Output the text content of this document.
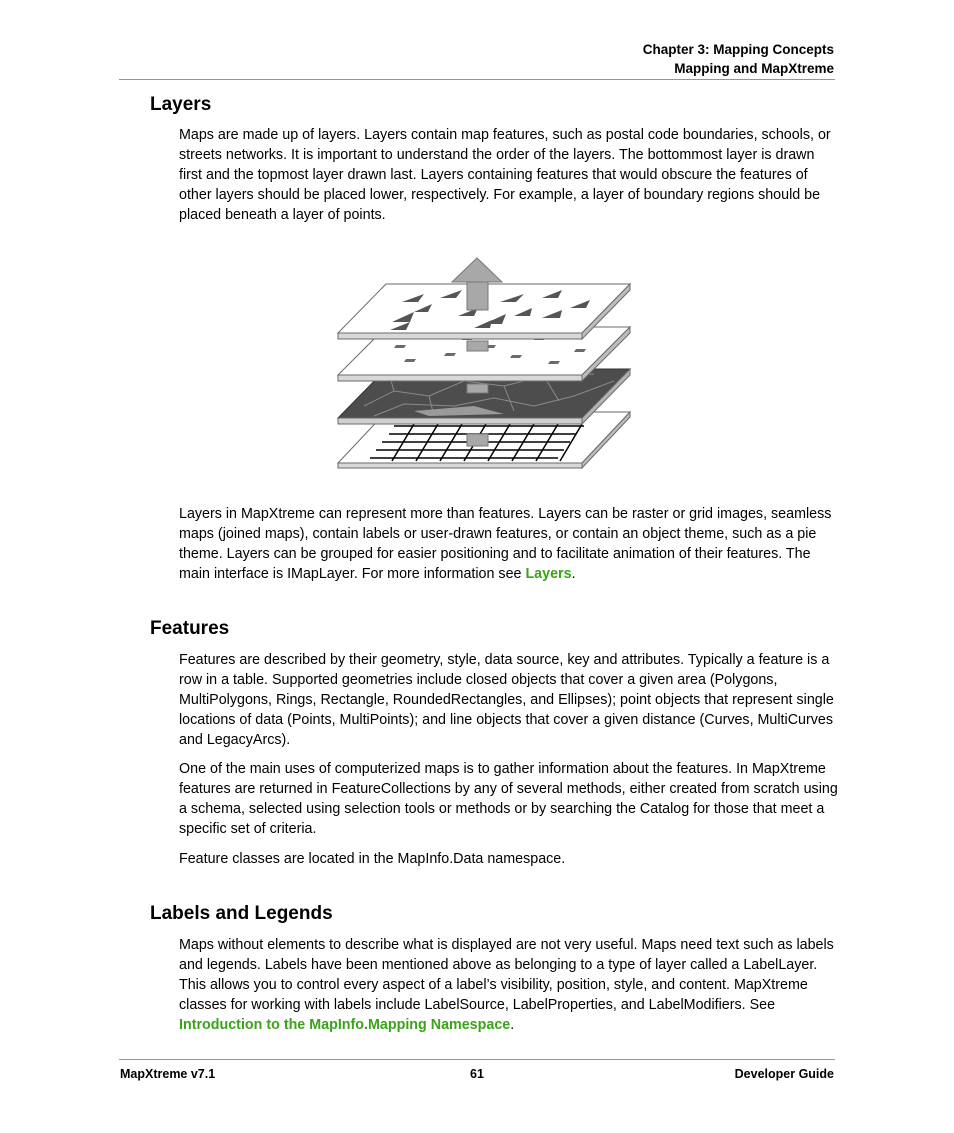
Chapter 3: Mapping Concepts
Mapping and MapXtreme
Layers

Maps are made up of layers. Layers contain map features, such as postal code boundaries, schools, or streets networks. It is important to understand the order of the layers. The bottommost layer is drawn first and the topmost layer drawn last. Layers containing features that would obscure the features of other layers should be placed lower, respectively. For example, a layer of boundary regions should be placed beneath a layer of points.

Layers in MapXtreme can represent more than features. Layers can be raster or grid images, seamless maps (joined maps), contain labels or user-drawn features, or contain an object theme, such as a pie theme. Layers can be grouped for easier positioning and to facilitate animation of their features. The main interface is IMapLayer. For more information see Layers.

Features

Features are described by their geometry, style, data source, key and attributes. Typically a feature is a row in a table. Supported geometries include closed objects that cover a given area (Polygons, MultiPolygons, Rings, Rectangle, RoundedRectangles, and Ellipses); point objects that represent single locations of data (Points, MultiPoints); and line objects that cover a given distance (Curves, MultiCurves and LegacyArcs).

One of the main uses of computerized maps is to gather information about the features. In MapXtreme features are returned in FeatureCollections by any of several methods, either created from scratch using a schema, selected using selection tools or methods or by searching the Catalog for those that meet a specific set of criteria.

Feature classes are located in the MapInfo.Data namespace.

Labels and Legends

Maps without elements to describe what is displayed are not very useful. Maps need text such as labels and legends. Labels have been mentioned above as belonging to a type of layer called a LabelLayer. This allows you to control every aspect of a label’s visibility, position, style, and content. MapXtreme classes for working with labels include LabelSource, LabelProperties, and LabelModifiers. See Introduction to the MapInfo.Mapping Namespace.

MapXtreme v7.1	61	Developer Guide
